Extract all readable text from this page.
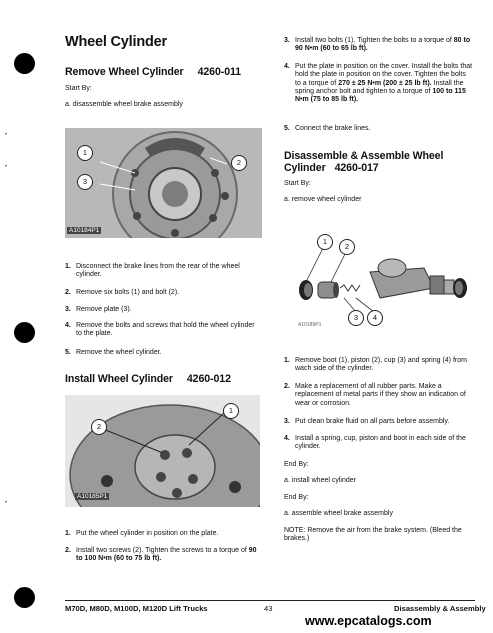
•
•
•
Wheel Cylinder
Remove Wheel Cylinder 4260-011
Start By:
a. disassemble wheel brake assembly
1
3
2
A10184P1
1. Disconnect the brake lines from the rear of the wheel cylinder.
2. Remove six bolts (1) and bolt (2).
3. Remove plate (3).
4. Remove the bolts and screws that hold the wheel cylinder to the plate.
5. Remove the wheel cylinder.
Install Wheel Cylinder 4260-012
2
1
A10185P1
1. Put the wheel cylinder in position on the plate.
2. Install two screws (2). Tighten the screws to a torque of 90 to 100 N•m (60 to 75 lb ft).
3. Install two bolts (1). Tighten the bolts to a torque of 80 to 90 N•m (60 to 65 lb ft).
4. Put the plate in position on the cover. Install the bolts that hold the plate in position on the cover. Tighten the bolts to a torque of 270 ± 25 N•m (200 ± 25 lb ft). Install the spring anchor bolt and tighten to a torque of 100 to 115 N•m (75 to 85 lb ft).
5. Connect the brake lines.
Disassemble & Assemble Wheel
Cylinder 4260-017
Start By:
a. remove wheel cylinder
1
2
3	4
A10189P1
1. Remove boot (1), piston (2), cup (3) and spring (4) from wach side of the cylinder.
2. Make a replacement of all rubber parts. Make a replacement of metal parts if they show an indication of wear or corrosion.
3. Put clean brake fluid on all parts before assembly.
4. Install a spring, cup, piston and boot in each side of the cylinder.
End By:
a. install wheel cylinder
End By:
a. assemble wheel brake assembly
NOTE: Remove the air from the brake system. (Bleed the brakes.)
M70D, M80D, M100D, M120D Lift Trucks	43	Disassembly & Assembly
www.epcatalogs.com
